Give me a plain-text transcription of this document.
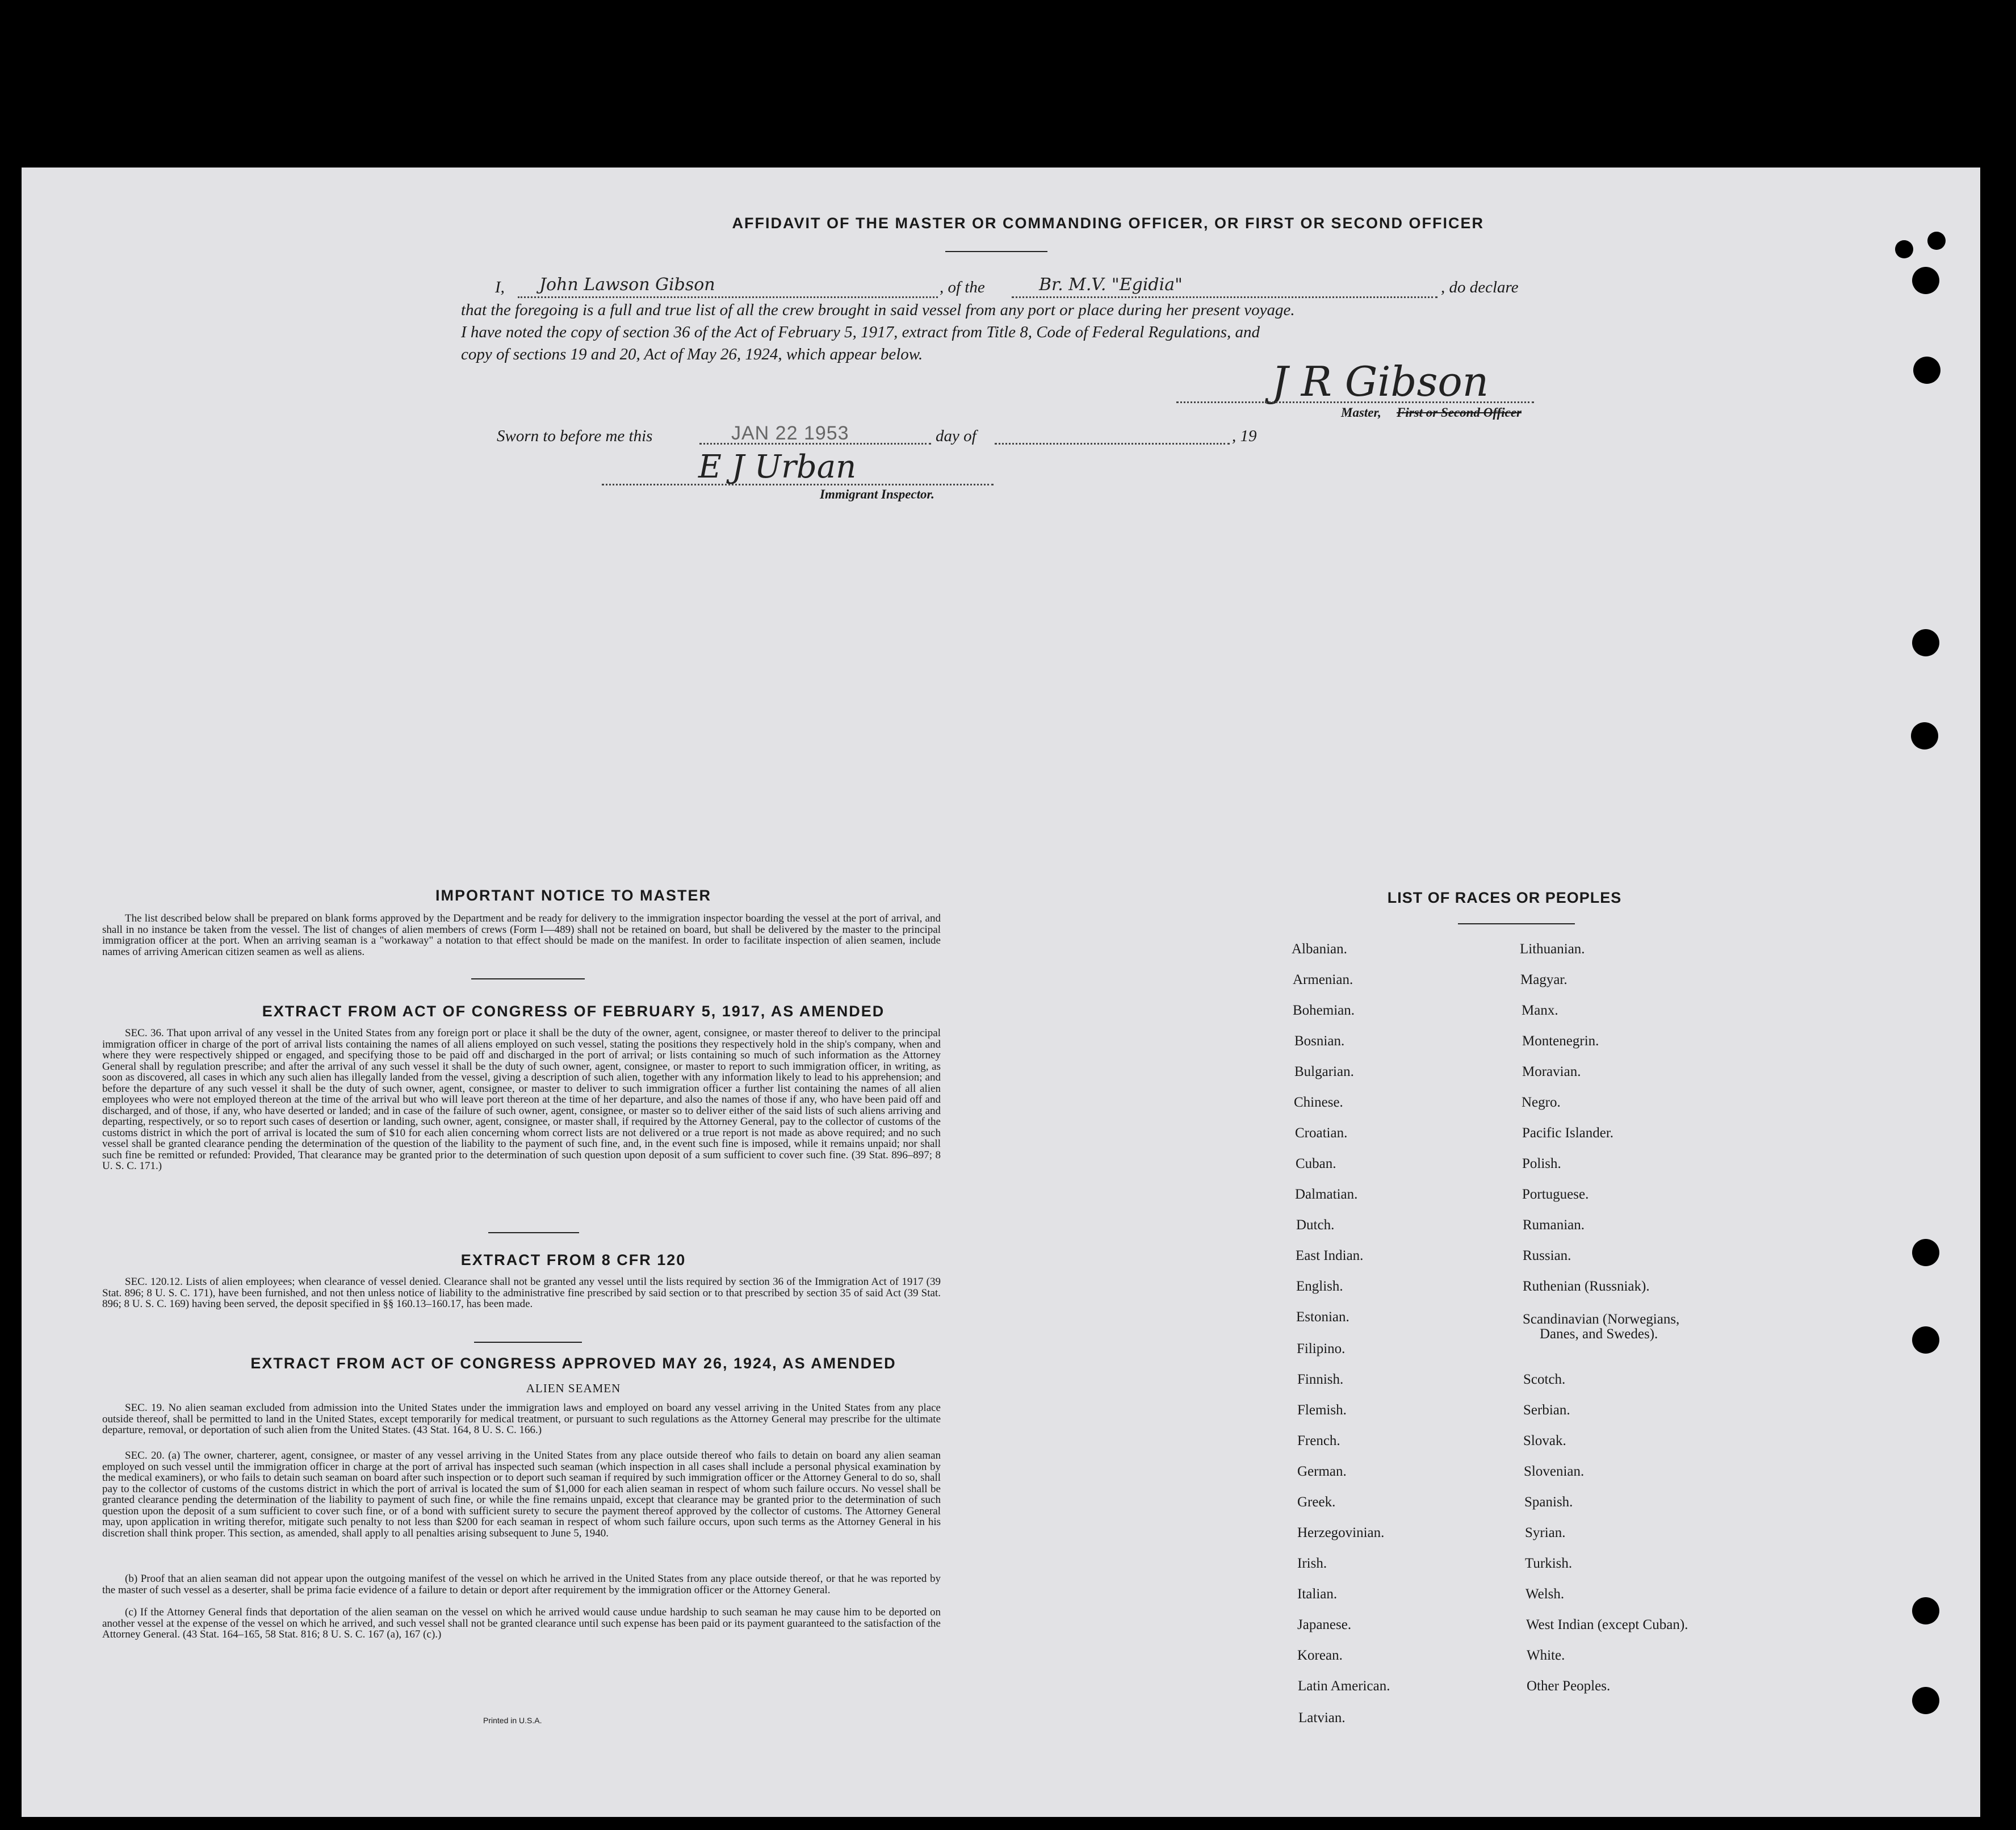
AFFIDAVIT OF THE MASTER OR COMMANDING OFFICER, OR FIRST OR SECOND OFFICER
I, John Lawson Gibson	, of the	Br. M.V. "Egidia"	, do declare
that the foregoing is a full and true list of all the crew brought in said vessel from any port or place during her present voyage.
I have noted the copy of section 36 of the Act of February 5, 1917, extract from Title 8, Code of Federal Regulations, and
copy of sections 19 and 20, Act of May 26, 1924, which appear below.
J R Gibson
Master, First or Second Officer
Sworn to before me this	JAN 22 1953	day of	, 19
E J Urban
Immigrant Inspector.
IMPORTANT NOTICE TO MASTER
The list described below shall be prepared on blank forms approved by the Department and be ready for delivery to the immigration inspector boarding the vessel at the port of arrival, and shall in no instance be taken from the vessel. The list of changes of alien members of crews (Form I—489) shall not be retained on board, but shall be delivered by the master to the principal immigration officer at the port. When an arriving seaman is a "workaway" a notation to that effect should be made on the manifest. In order to facilitate inspection of alien seamen, include names of arriving American citizen seamen as well as aliens.
EXTRACT FROM ACT OF CONGRESS OF FEBRUARY 5, 1917, AS AMENDED
SEC. 36. That upon arrival of any vessel in the United States from any foreign port or place it shall be the duty of the owner, agent, consignee, or master thereof to deliver to the principal immigration officer in charge of the port of arrival lists containing the names of all aliens employed on such vessel, stating the positions they respectively hold in the ship's company, when and where they were respectively shipped or engaged, and specifying those to be paid off and discharged in the port of arrival; or lists containing so much of such information as the Attorney General shall by regulation prescribe; and after the arrival of any such vessel it shall be the duty of such owner, agent, consignee, or master to report to such immigration officer, in writing, as soon as discovered, all cases in which any such alien has illegally landed from the vessel, giving a description of such alien, together with any information likely to lead to his apprehension; and before the departure of any such vessel it shall be the duty of such owner, agent, consignee, or master to deliver to such immigration officer a further list containing the names of all alien employees who were not employed thereon at the time of the arrival but who will leave port thereon at the time of her departure, and also the names of those if any, who have been paid off and discharged, and of those, if any, who have deserted or landed; and in case of the failure of such owner, agent, consignee, or master so to deliver either of the said lists of such aliens arriving and departing, respectively, or so to report such cases of desertion or landing, such owner, agent, consignee, or master shall, if required by the Attorney General, pay to the collector of customs of the customs district in which the port of arrival is located the sum of $10 for each alien concerning whom correct lists are not delivered or a true report is not made as above required; and no such vessel shall be granted clearance pending the determination of the question of the liability to the payment of such fine, and, in the event such fine is imposed, while it remains unpaid; nor shall such fine be remitted or refunded: Provided, That clearance may be granted prior to the determination of such question upon deposit of a sum sufficient to cover such fine. (39 Stat. 896–897; 8 U. S. C. 171.)
EXTRACT FROM 8 CFR 120
SEC. 120.12. Lists of alien employees; when clearance of vessel denied. Clearance shall not be granted any vessel until the lists required by section 36 of the Immigration Act of 1917 (39 Stat. 896; 8 U. S. C. 171), have been furnished, and not then unless notice of liability to the administrative fine prescribed by said section or to that prescribed by section 35 of said Act (39 Stat. 896; 8 U. S. C. 169) having been served, the deposit specified in §§ 160.13–160.17, has been made.
EXTRACT FROM ACT OF CONGRESS APPROVED MAY 26, 1924, AS AMENDED
ALIEN SEAMEN
SEC. 19. No alien seaman excluded from admission into the United States under the immigration laws and employed on board any vessel arriving in the United States from any place outside thereof, shall be permitted to land in the United States, except temporarily for medical treatment, or pursuant to such regulations as the Attorney General may prescribe for the ultimate departure, removal, or deportation of such alien from the United States. (43 Stat. 164, 8 U. S. C. 166.)
SEC. 20. (a) The owner, charterer, agent, consignee, or master of any vessel arriving in the United States from any place outside thereof who fails to detain on board any alien seaman employed on such vessel until the immigration officer in charge at the port of arrival has inspected such seaman (which inspection in all cases shall include a personal physical examination by the medical examiners), or who fails to detain such seaman on board after such inspection or to deport such seaman if required by such immigration officer or the Attorney General to do so, shall pay to the collector of customs of the customs district in which the port of arrival is located the sum of $1,000 for each alien seaman in respect of whom such failure occurs. No vessel shall be granted clearance pending the determination of the liability to payment of such fine, or while the fine remains unpaid, except that clearance may be granted prior to the determination of such question upon the deposit of a sum sufficient to cover such fine, or of a bond with sufficient surety to secure the payment thereof approved by the collector of customs. The Attorney General may, upon application in writing therefor, mitigate such penalty to not less than $200 for each seaman in respect of whom such failure occurs, upon such terms as the Attorney General in his discretion shall think proper. This section, as amended, shall apply to all penalties arising subsequent to June 5, 1940.
(b) Proof that an alien seaman did not appear upon the outgoing manifest of the vessel on which he arrived in the United States from any place outside thereof, or that he was reported by the master of such vessel as a deserter, shall be prima facie evidence of a failure to detain or deport after requirement by the immigration officer or the Attorney General.
(c) If the Attorney General finds that deportation of the alien seaman on the vessel on which he arrived would cause undue hardship to such seaman he may cause him to be deported on another vessel at the expense of the vessel on which he arrived, and such vessel shall not be granted clearance until such expense has been paid or its payment guaranteed to the satisfaction of the Attorney General. (43 Stat. 164–165, 58 Stat. 816; 8 U. S. C. 167 (a), 167 (c).)
Printed in U.S.A.
LIST OF RACES OR PEOPLES
Albanian.
Armenian.
Bohemian.
Bosnian.
Bulgarian.
Chinese.
Croatian.
Cuban.
Dalmatian.
Dutch.
East Indian.
English.
Estonian.
Filipino.
Finnish.
Flemish.
French.
German.
Greek.
Herzegovinian.
Irish.
Italian.
Japanese.
Korean.
Latin American.
Latvian.
Lithuanian.
Magyar.
Manx.
Montenegrin.
Moravian.
Negro.
Pacific Islander.
Polish.
Portuguese.
Rumanian.
Russian.
Ruthenian (Russniak).
Scandinavian (Norwegians,
Danes, and Swedes).
Scotch.
Serbian.
Slovak.
Slovenian.
Spanish.
Syrian.
Turkish.
Welsh.
West Indian (except Cuban).
White.
Other Peoples.
